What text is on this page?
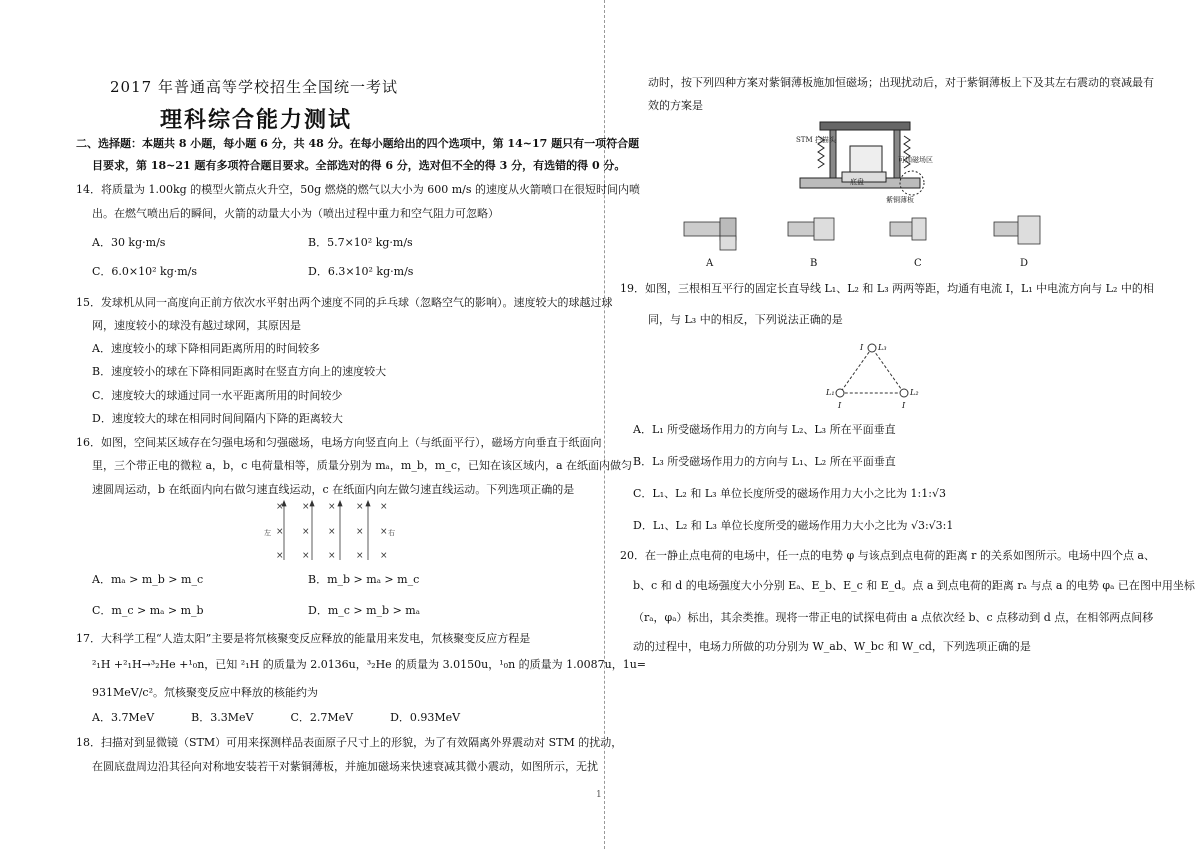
2017 年普通高等学校招生全国统一考试
理科综合能力测试
二、选择题：本题共 8 小题，每小题 6 分，共 48 分。在每小题给出的四个选项中，第 14~17 题只有一项符合题
目要求，第 18~21 题有多项符合题目要求。全部选对的得 6 分，选对但不全的得 3 分，有选错的得 0 分。
14．将质量为 1.00kg 的模型火箭点火升空，50g 燃烧的燃气以大小为 600 m/s 的速度从火箭喷口在很短时间内喷
出。在燃气喷出后的瞬间，火箭的动量大小为（喷出过程中重力和空气阻力可忽略）
A．30 kg·m/s	B．5.7×10² kg·m/s
C．6.0×10² kg·m/s	D．6.3×10² kg·m/s
15．发球机从同一高度向正前方依次水平射出两个速度不同的乒乓球（忽略空气的影响）。速度较大的球越过球
网，速度较小的球没有越过球网，其原因是
A．速度较小的球下降相同距离所用的时间较多
B．速度较小的球在下降相同距离时在竖直方向上的速度较大
C．速度较大的球通过同一水平距离所用的时间较少
D．速度较大的球在相同时间间隔内下降的距离较大
16．如图，空间某区域存在匀强电场和匀强磁场，电场方向竖直向上（与纸面平行），磁场方向垂直于纸面向
里，三个带正电的微粒 a，b，c 电荷量相等，质量分别为 mₐ，m_b，m_c，已知在该区域内，a 在纸面内做匀
速圆周运动，b 在纸面内向右做匀速直线运动，c 在纸面内向左做匀速直线运动。下列选项正确的是
× × × × ×
× × × × ×
× × × × ×
左	右
A．mₐ > m_b > m_c	B．m_b > mₐ > m_c
C．m_c > mₐ > m_b	D．m_c > m_b > mₐ
17．大科学工程“人造太阳”主要是将氘核聚变反应释放的能量用来发电，氘核聚变反应方程是
²₁H +²₁H→³₂He +¹₀n，已知 ²₁H 的质量为 2.0136u，³₂He 的质量为 3.0150u，¹₀n 的质量为 1.0087u，1u=
931MeV/c²。氘核聚变反应中释放的核能约为
A．3.7MeV	B．3.3MeV	C．2.7MeV	D．0.93MeV
18．扫描对到显微镜（STM）可用来探测样品表面原子尺寸上的形貌，为了有效隔离外界震动对 STM 的扰动，
在圆底盘周边沿其径向对称地安装若干对紫铜薄板，并施加磁场来快速衰减其微小震动，如图所示，无扰
动时，按下列四种方案对紫铜薄板施加恒磁场；出现扰动后，对于紫铜薄板上下及其左右震动的衰减最有
效的方案是
STM 扫描头
可加磁场区
底盘
紫铜薄板
A	B	C	D
19．如图，三根相互平行的固定长直导线 L₁、L₂ 和 L₃ 两两等距，均通有电流 I，L₁ 中电流方向与 L₂ 中的相
同，与 L₃ 中的相反，下列说法正确的是
I L₃
L₁	L₂
I	I
A．L₁ 所受磁场作用力的方向与 L₂、L₃ 所在平面垂直
B．L₃ 所受磁场作用力的方向与 L₁、L₂ 所在平面垂直
C．L₁、L₂ 和 L₃ 单位长度所受的磁场作用力大小之比为 1:1:√3
D．L₁、L₂ 和 L₃ 单位长度所受的磁场作用力大小之比为 √3:√3:1
20．在一静止点电荷的电场中，任一点的电势 φ 与该点到点电荷的距离 r 的关系如图所示。电场中四个点 a、
b、c 和 d 的电场强度大小分别 Eₐ、E_b、E_c 和 E_d。点 a 到点电荷的距离 rₐ 与点 a 的电势 φₐ 已在图中用坐标
（rₐ，φₐ）标出，其余类推。现将一带正电的试探电荷由 a 点依次经 b、c 点移动到 d 点，在相邻两点间移
动的过程中，电场力所做的功分别为 W_ab、W_bc 和 W_cd，下列选项正确的是
1
